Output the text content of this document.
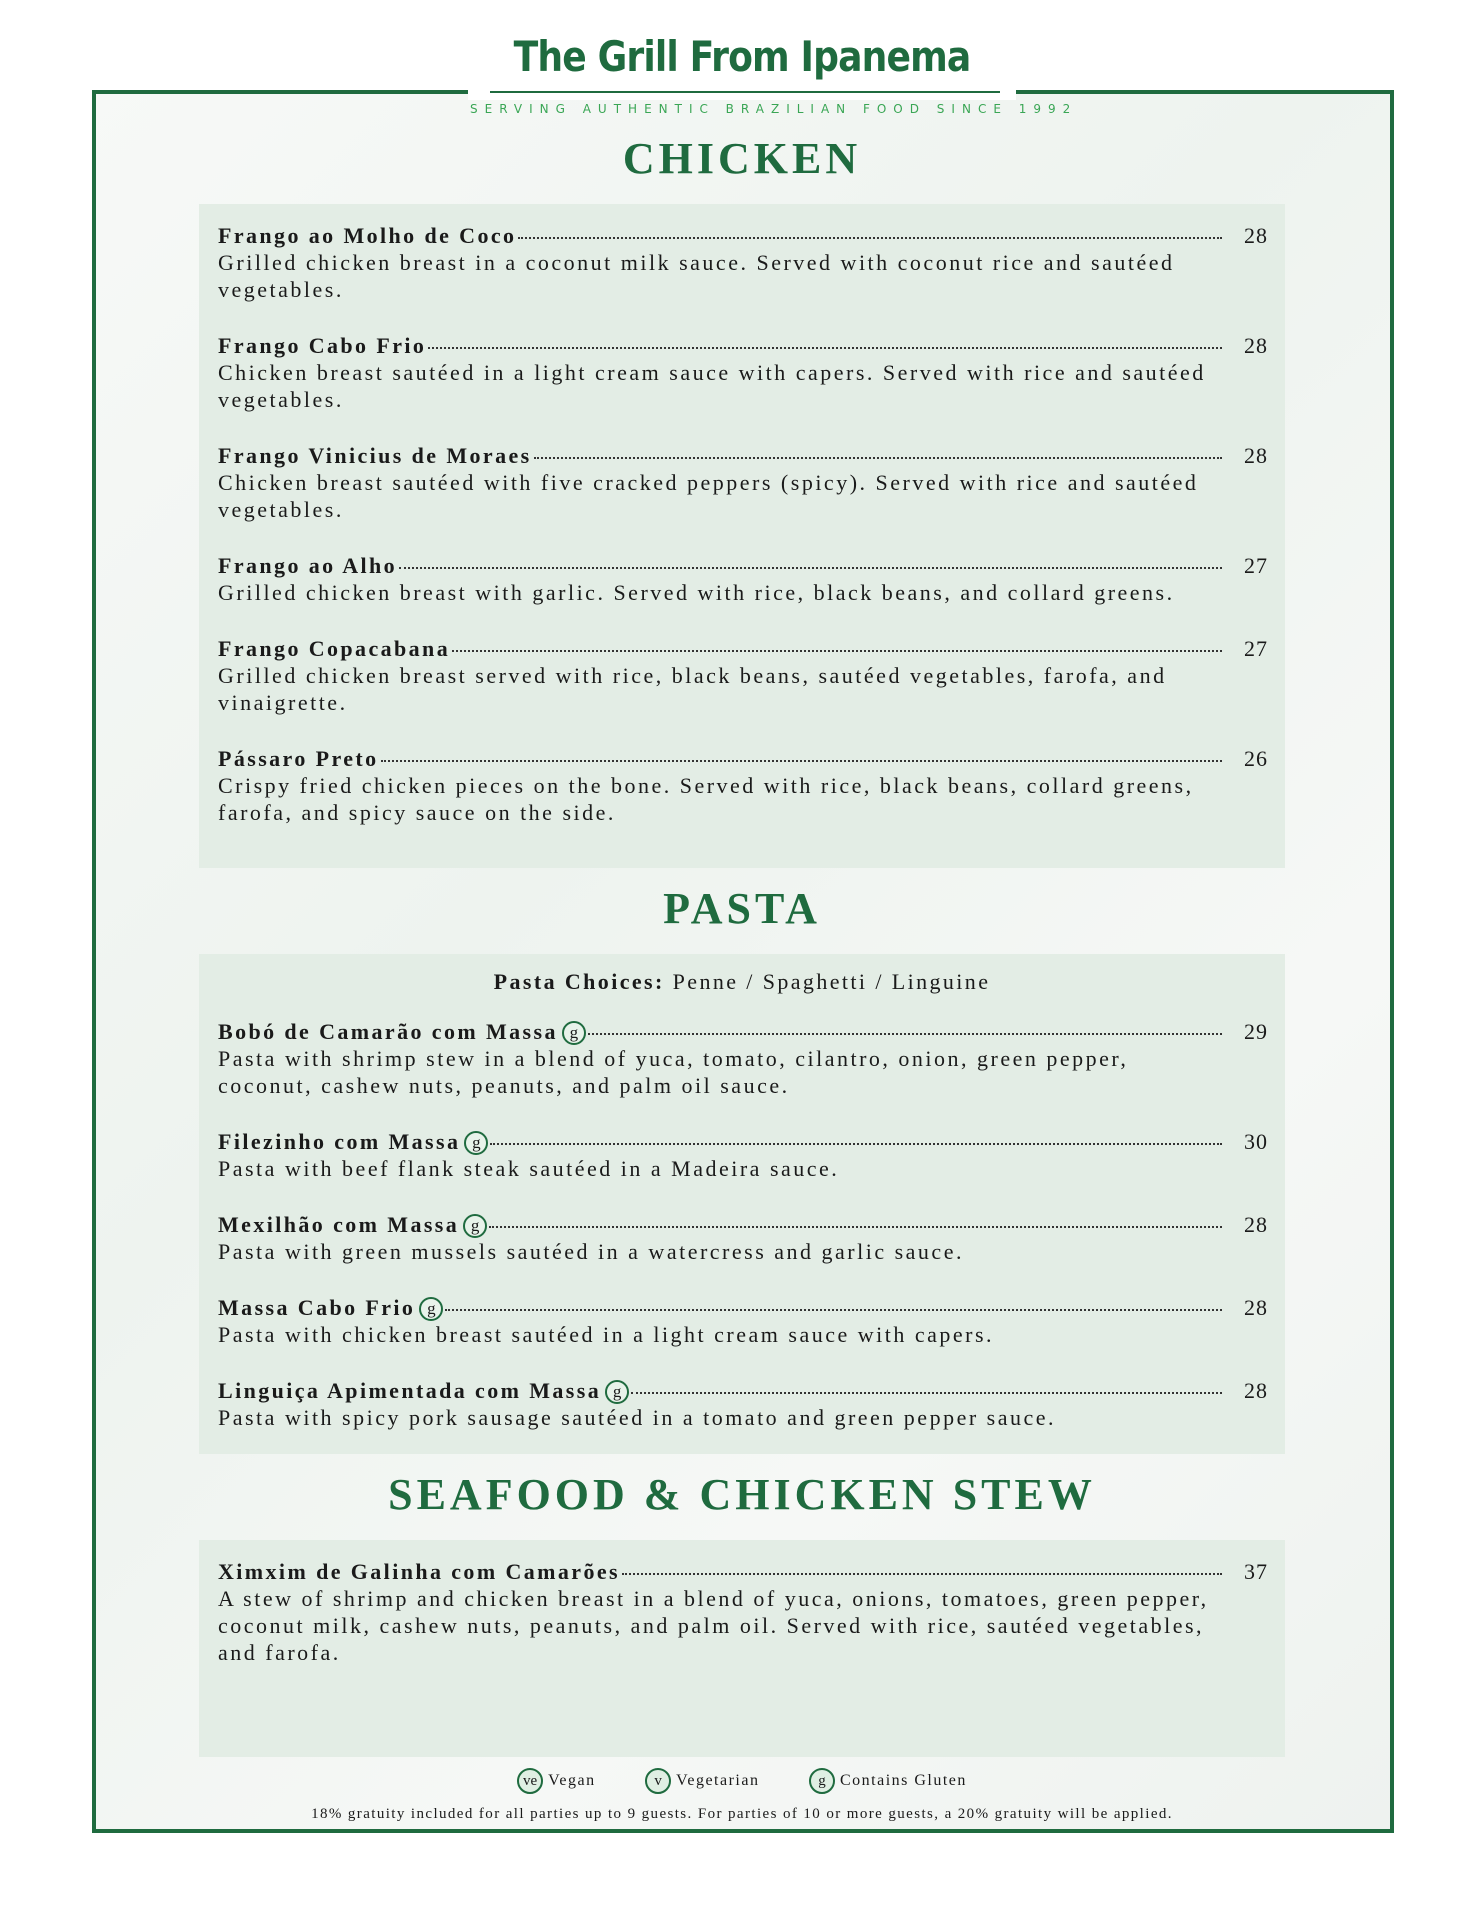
The Grill From Ipanema
SERVING AUTHENTIC BRAZILIAN FOOD SINCE 1992
CHICKEN
Frango ao Molho de Coco	28
Grilled chicken breast in a coconut milk sauce. Served with coconut rice and sautéed vegetables.
Frango Cabo Frio	28
Chicken breast sautéed in a light cream sauce with capers. Served with rice and sautéed vegetables.
Frango Vinicius de Moraes	28
Chicken breast sautéed with five cracked peppers (spicy). Served with rice and sautéed vegetables.
Frango ao Alho	27
Grilled chicken breast with garlic. Served with rice, black beans, and collard greens.
Frango Copacabana	27
Grilled chicken breast served with rice, black beans, sautéed vegetables, farofa, and vinaigrette.
Pássaro Preto	26
Crispy fried chicken pieces on the bone. Served with rice, black beans, collard greens, farofa, and spicy sauce on the side.
PASTA
Pasta Choices: Penne / Spaghetti / Linguine
Bobó de Camarão com Massa g	29
Pasta with shrimp stew in a blend of yuca, tomato, cilantro, onion, green pepper, coconut, cashew nuts, peanuts, and palm oil sauce.
Filezinho com Massa g	30
Pasta with beef flank steak sautéed in a Madeira sauce.
Mexilhão com Massa g	28
Pasta with green mussels sautéed in a watercress and garlic sauce.
Massa Cabo Frio g	28
Pasta with chicken breast sautéed in a light cream sauce with capers.
Linguiça Apimentada com Massa g	28
Pasta with spicy pork sausage sautéed in a tomato and green pepper sauce.
SEAFOOD & CHICKEN STEW
Ximxim de Galinha com Camarões	37
A stew of shrimp and chicken breast in a blend of yuca, onions, tomatoes, green pepper, coconut milk, cashew nuts, peanuts, and palm oil. Served with rice, sautéed vegetables, and farofa.
ve Vegan
	v Vegetarian
	g Contains Gluten
18% gratuity included for all parties up to 9 guests. For parties of 10 or more guests, a 20% gratuity will be applied.
